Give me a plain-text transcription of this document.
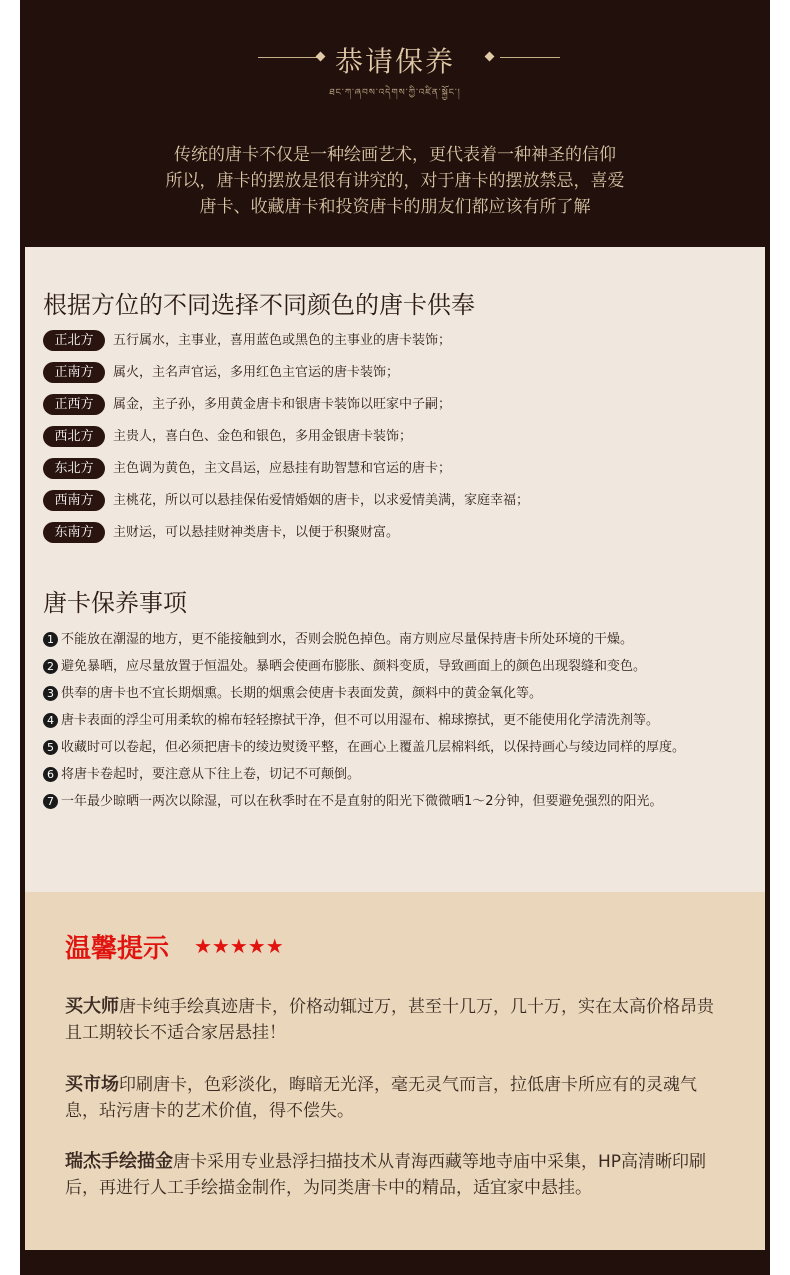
恭请保养
ཐང་ཀ་ཞབས་འདེགས་ཀྱི་འཛིན་སྐྱོང་།
传统的唐卡不仅是一种绘画艺术，更代表着一种神圣的信仰
所以，唐卡的摆放是很有讲究的，对于唐卡的摆放禁忌，喜爱
唐卡、收藏唐卡和投资唐卡的朋友们都应该有所了解
根据方位的不同选择不同颜色的唐卡供奉
正北方	五行属水，主事业，喜用蓝色或黑色的主事业的唐卡装饰；
正南方	属火，主名声官运，多用红色主官运的唐卡装饰；
正西方	属金，主子孙，多用黄金唐卡和银唐卡装饰以旺家中子嗣；
西北方	主贵人，喜白色、金色和银色，多用金银唐卡装饰；
东北方	主色调为黄色，主文昌运，应悬挂有助智慧和官运的唐卡；
西南方	主桃花，所以可以悬挂保佑爱情婚姻的唐卡，以求爱情美满，家庭幸福；
东南方	主财运，可以悬挂财神类唐卡，以便于积聚财富。
唐卡保养事项
1 不能放在潮湿的地方，更不能接触到水，否则会脱色掉色。南方则应尽量保持唐卡所处环境的干燥。
2 避免暴晒，应尽量放置于恒温处。暴晒会使画布膨胀、颜料变质，导致画面上的颜色出现裂缝和变色。
3 供奉的唐卡也不宜长期烟熏。长期的烟熏会使唐卡表面发黄，颜料中的黄金氧化等。
4 唐卡表面的浮尘可用柔软的棉布轻轻擦拭干净，但不可以用湿布、棉球擦拭，更不能使用化学清洗剂等。
5 收藏时可以卷起，但必须把唐卡的绫边熨烫平整，在画心上覆盖几层棉料纸，以保持画心与绫边同样的厚度。
6 将唐卡卷起时，要注意从下往上卷，切记不可颠倒。
7 一年最少晾晒一两次以除湿，可以在秋季时在不是直射的阳光下微微晒1～2分钟，但要避免强烈的阳光。
温馨提示 ★★★★★
买大师唐卡纯手绘真迹唐卡，价格动辄过万，甚至十几万，几十万，实在太高价格昂贵且工期较长不适合家居悬挂！
买市场印刷唐卡，色彩淡化，晦暗无光泽，毫无灵气而言，拉低唐卡所应有的灵魂气息，玷污唐卡的艺术价值，得不偿失。
瑞杰手绘描金唐卡采用专业悬浮扫描技术从青海西藏等地寺庙中采集，HP高清晰印刷后，再进行人工手绘描金制作，为同类唐卡中的精品，适宜家中悬挂。
